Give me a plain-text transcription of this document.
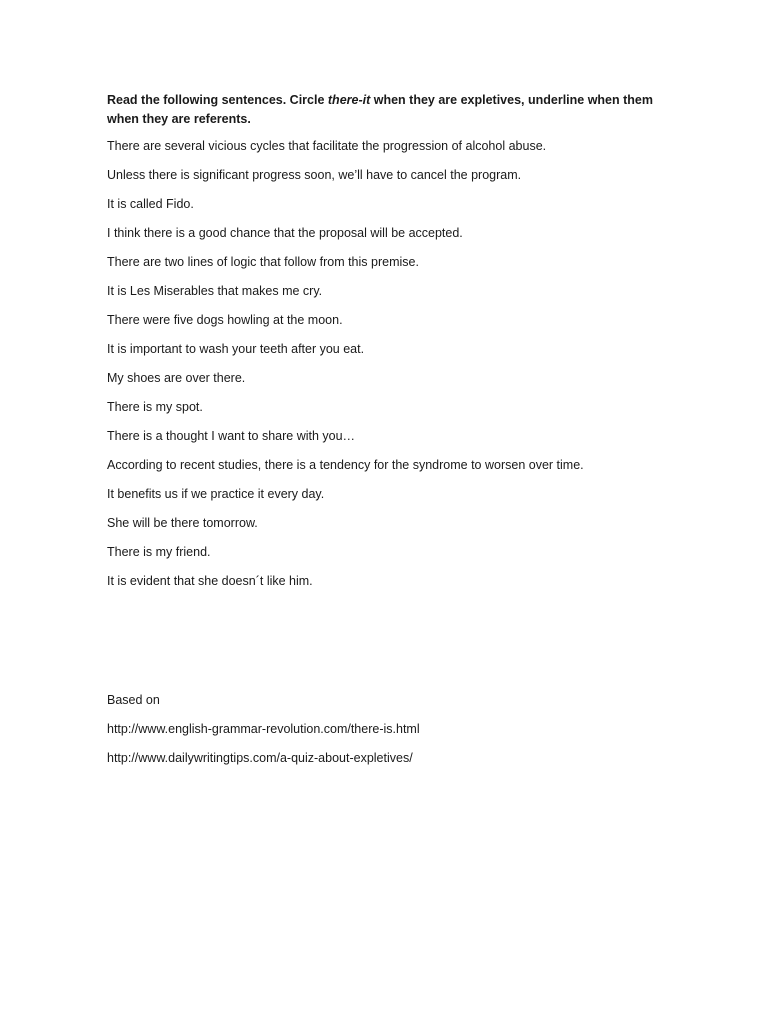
Read the following sentences. Circle there-it when they are expletives, underline when them when they are referents.

There are several vicious cycles that facilitate the progression of alcohol abuse.

Unless there is significant progress soon, we’ll have to cancel the program.

It is called Fido.

I think there is a good chance that the proposal will be accepted.

There are two lines of logic that follow from this premise.

It is Les Miserables that makes me cry.

There were five dogs howling at the moon.

It is important to wash your teeth after you eat.

My shoes are over there.

There is my spot.

There is a thought I want to share with you…

According to recent studies, there is a tendency for the syndrome to worsen over time.

It benefits us if we practice it every day.

She will be there tomorrow.

There is my friend.

It is evident that she doesn´t like him.

Based on

http://www.english-grammar-revolution.com/there-is.html

http://www.dailywritingtips.com/a-quiz-about-expletives/
